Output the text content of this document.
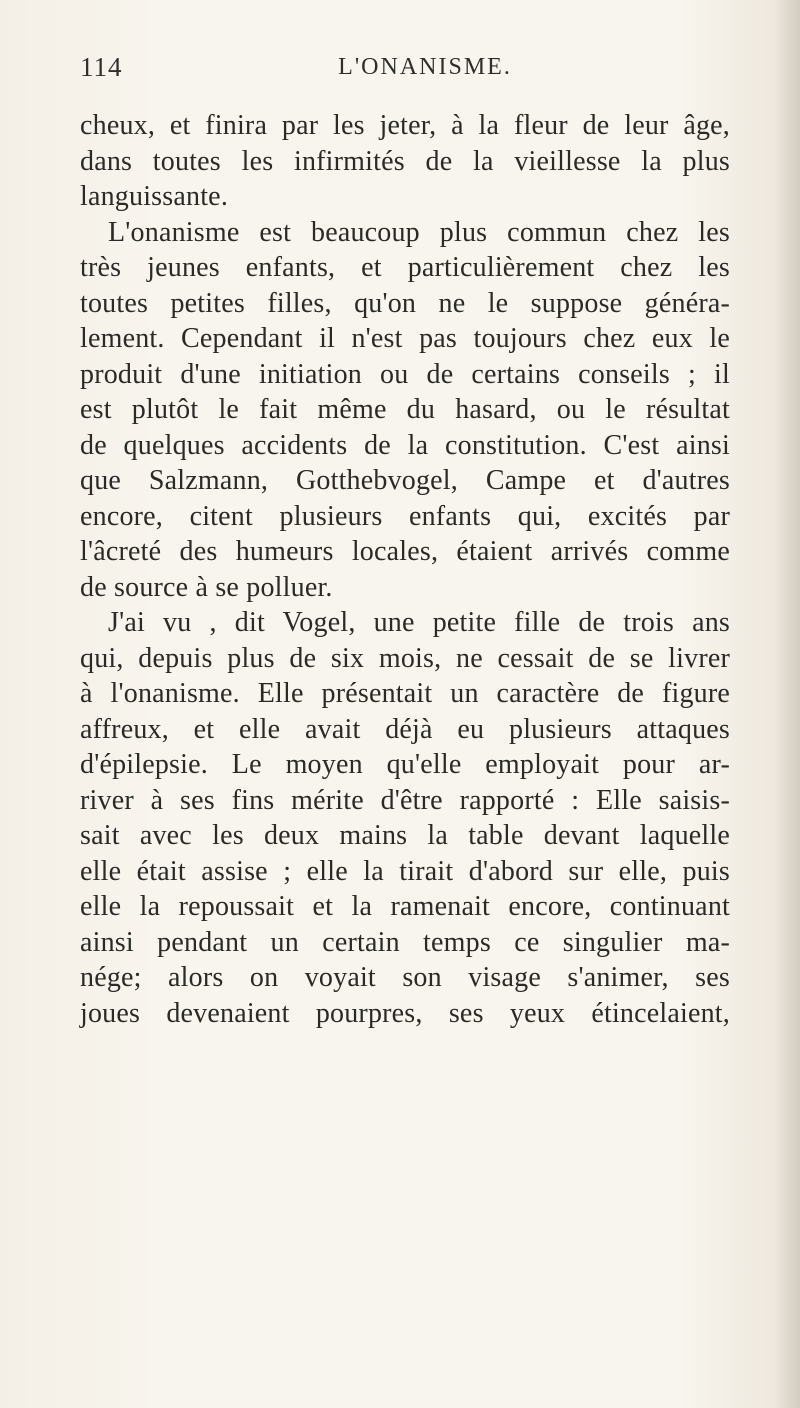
114	L'ONANISME.
cheux, et finira par les jeter, à la fleur de leur âge,
dans toutes les infirmités de la vieillesse la plus
languissante.
L'onanisme est beaucoup plus commun chez les
très jeunes enfants, et particulièrement chez les
toutes petites filles, qu'on ne le suppose généra-
lement. Cependant il n'est pas toujours chez eux le
produit d'une initiation ou de certains conseils ; il
est plutôt le fait même du hasard, ou le résultat
de quelques accidents de la constitution. C'est ainsi
que Salzmann, Gotthebvogel, Campe et d'autres
encore, citent plusieurs enfants qui, excités par
l'âcreté des humeurs locales, étaient arrivés comme
de source à se polluer.
J'ai vu , dit Vogel, une petite fille de trois ans
qui, depuis plus de six mois, ne cessait de se livrer
à l'onanisme. Elle présentait un caractère de figure
affreux, et elle avait déjà eu plusieurs attaques
d'épilepsie. Le moyen qu'elle employait pour ar-
river à ses fins mérite d'être rapporté : Elle saisis-
sait avec les deux mains la table devant laquelle
elle était assise ; elle la tirait d'abord sur elle, puis
elle la repoussait et la ramenait encore, continuant
ainsi pendant un certain temps ce singulier ma-
nége; alors on voyait son visage s'animer, ses
joues devenaient pourpres, ses yeux étincelaient,
